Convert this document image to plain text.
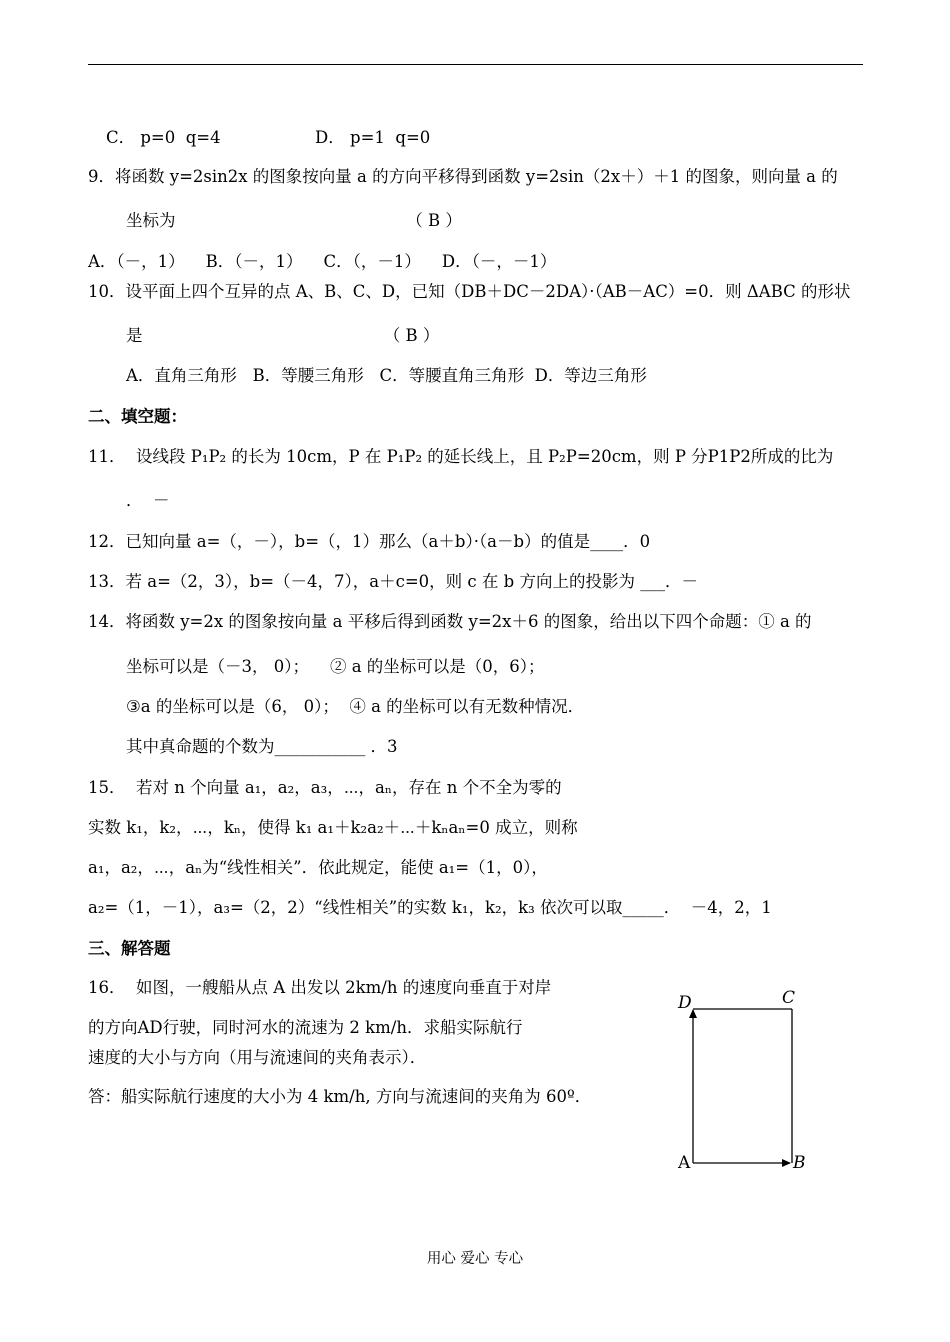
C． p=0  q=4                  D． p=1  q=0
9．将函数 y=2sin2x 的图象按向量 a 的方向平移得到函数 y=2sin（2x＋）＋1 的图象，则向量 a 的
坐标为                                            （ B ）
A．（－，1）    B．（－，1）    C．（，－1）    D．（－，－1）
10．设平面上四个互异的点 A、B、C、D，已知（DB＋DC－2DA）·（AB－AC）=0．则 ΔABC 的形状
是                                              （ B ）
A．直角三角形   B．等腰三角形   C．等腰直角三角形  D．等边三角形
二、填空题：
11．  设线段 P₁P₂ 的长为 10cm，P 在 P₁P₂ 的延长线上，且 P₂P=20cm，则 P 分P1P2所成的比为
．  －
12．已知向量 a=（，－），b=（，1）那么（a＋b）·（a－b）的值是____．0
13．若 a=（2，3），b=（－4，7），a＋c=0，则 c 在 b 方向上的投影为 ___．－
14．将函数 y=2x 的图象按向量 a 平移后得到函数 y=2x＋6 的图象，给出以下四个命题：① a 的
坐标可以是（－3， 0）；    ② a 的坐标可以是（0，6）；
③a 的坐标可以是（6， 0）；  ④ a 的坐标可以有无数种情况．
其中真命题的个数为___________ ．3
15．  若对 n 个向量 a₁，a₂，a₃，⋯，aₙ，存在 n 个不全为零的
实数 k₁，k₂，⋯，kₙ，使得 k₁ a₁＋k₂a₂＋⋯＋kₙaₙ=0 成立，则称
a₁，a₂，⋯，aₙ为“线性相关”．依此规定，能使 a₁=（1，0），
a₂=（1，－1），a₃=（2，2）“线性相关”的实数 k₁，k₂，k₃ 依次可以取_____．  －4，2，1
三、解答题
16．  如图，一艘船从点 A 出发以 2km/h 的速度向垂直于对岸
的方向AD行驶，同时河水的流速为 2 km/h．求船实际航行
速度的大小与方向（用与流速间的夹角表示）．
答：船实际航行速度的大小为 4 km/h, 方向与流速间的夹角为 60º．
D	C
A	B
用心 爱心 专心
